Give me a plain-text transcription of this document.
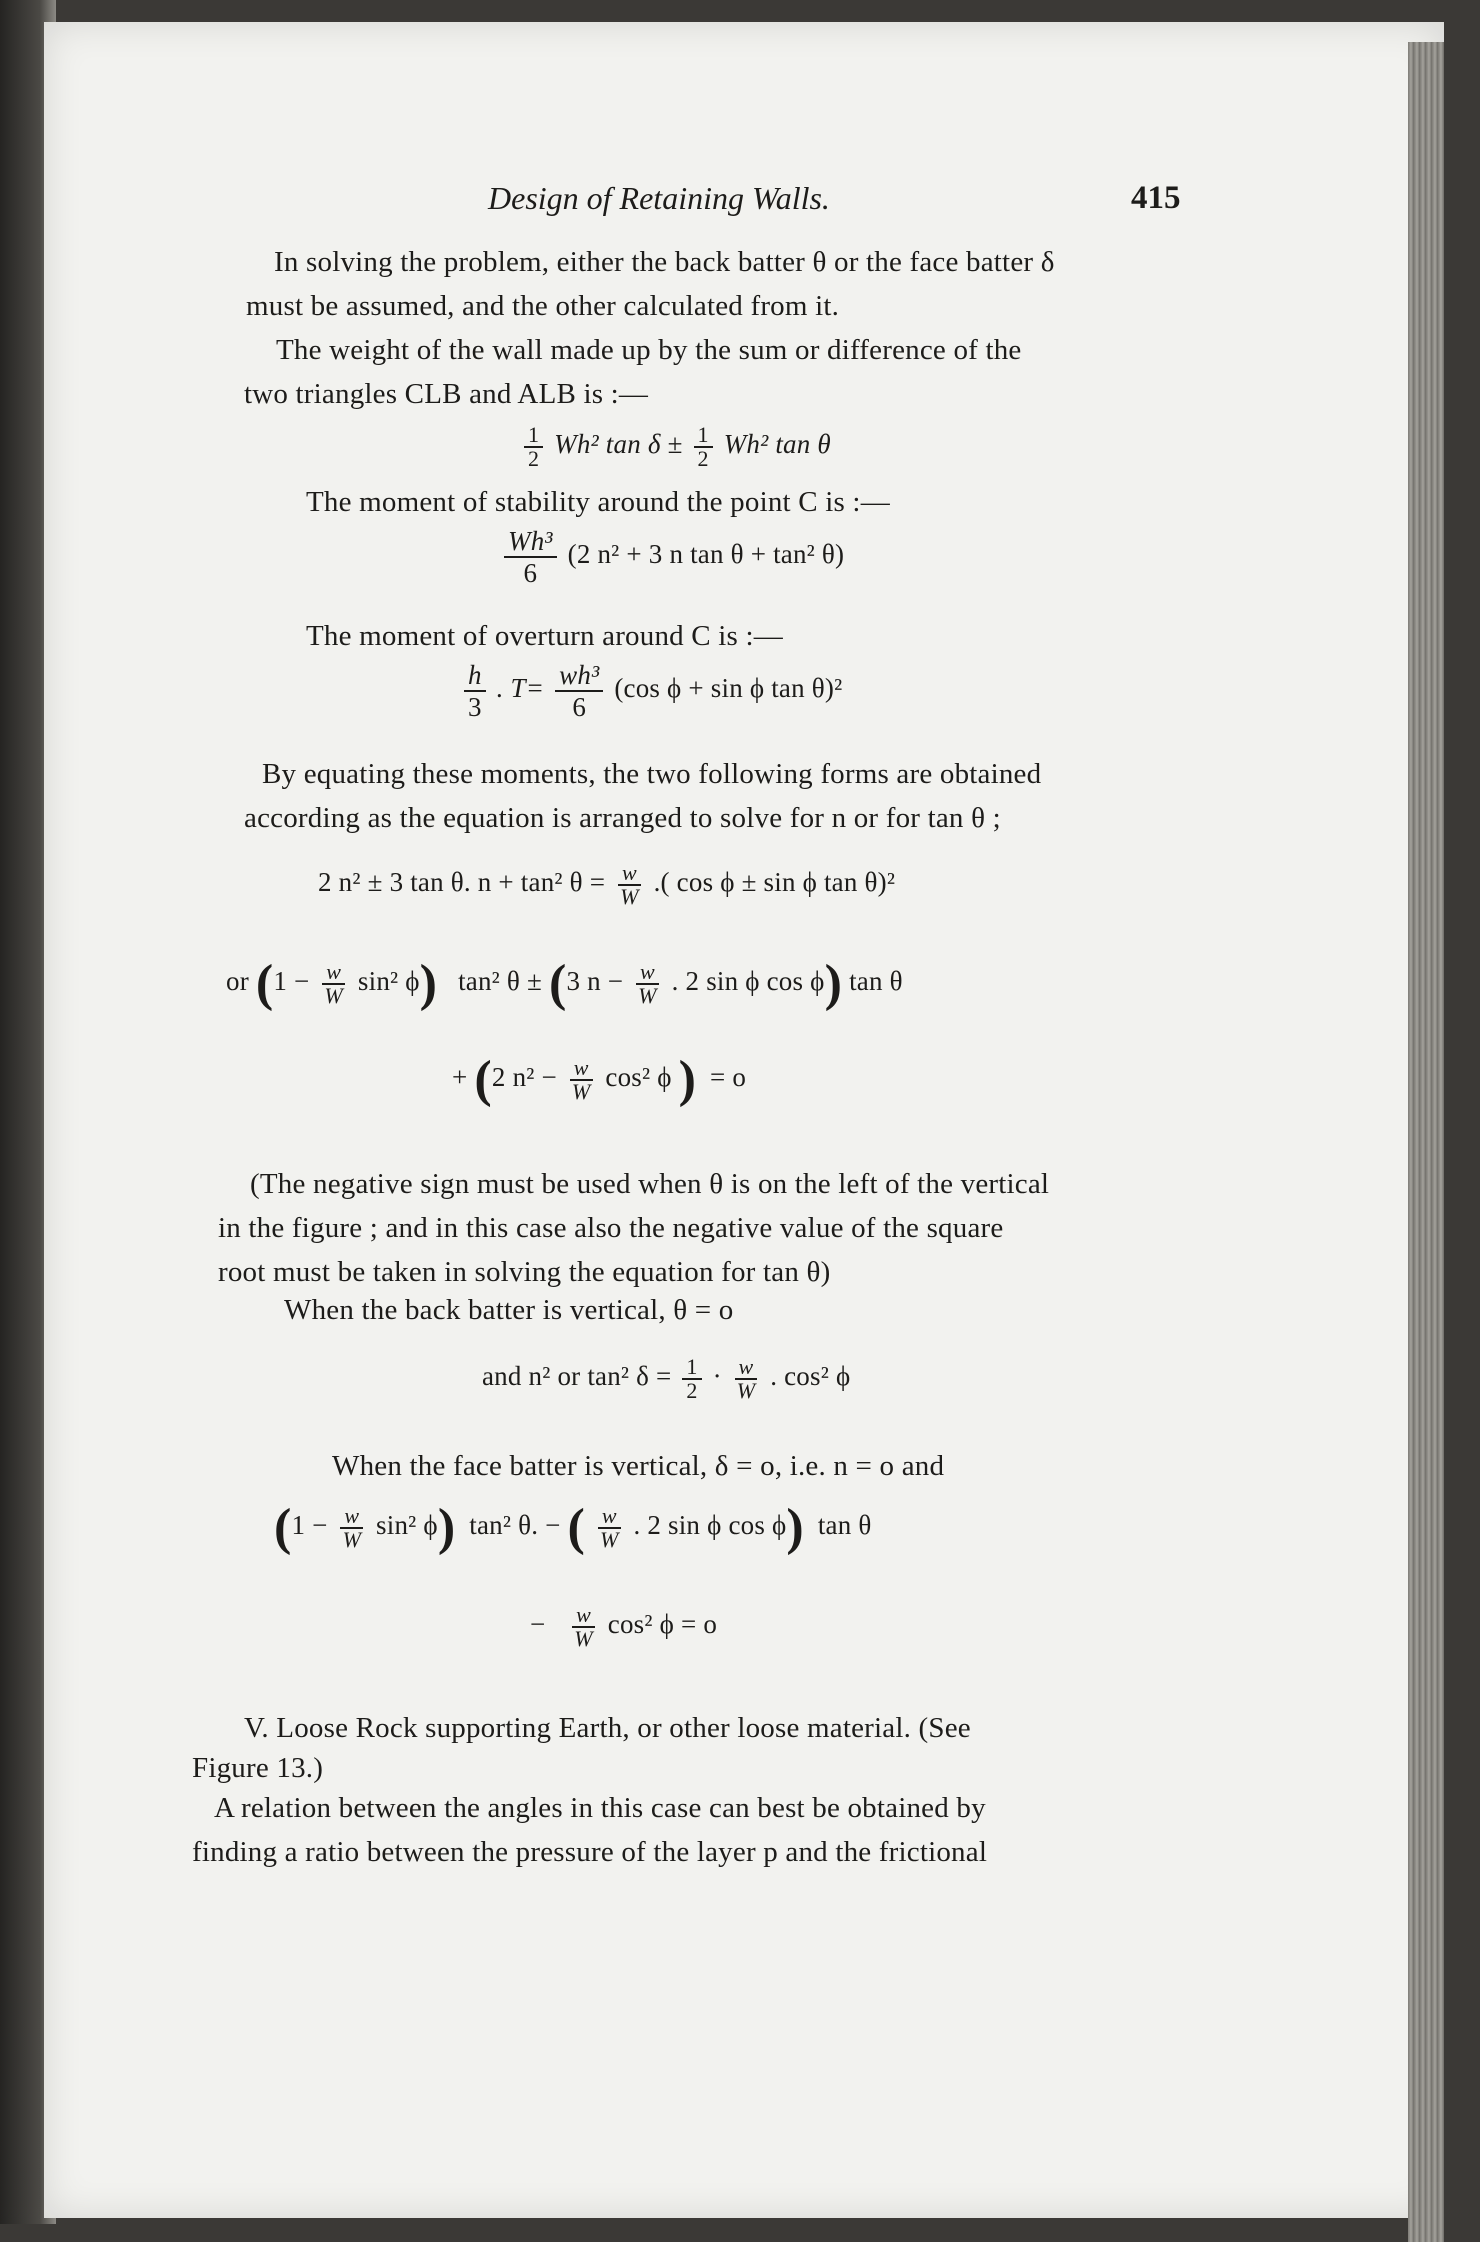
Design of Retaining Walls.	415
In solving the problem, either the back batter θ or the face batter δ
must be assumed, and the other calculated from it.
The weight of the wall made up by the sum or difference of the
two triangles CLB and ALB is :—
$\frac{1}{2} Wh^2$ $\tan \delta \pm \frac{1}{2} Wh^2$ tan θ
The moment of stability around the point C is :—
$\frac{\text{Wh³}}{6} (2$ n² + 3 n tan θ + tan² θ)
The moment of overturn around C is :—
$\frac{h}{3}$ . $T= \frac{\text{wh³}}{6} (\cos$ ϕ + sin ϕ tan θ)²
By equating these moments, the two following forms are obtained
according as the equation is arranged to solve for n or for tan θ ;
2 n² ± 3 tan θ. n + tan² $\theta = \frac{w}{W}$ .( cos ϕ ± sin ϕ tan θ)²
or ($1 - \frac{w}{W} \sin^2$ ϕ) tan² θ ± (3 $n - \frac{w}{W}$ . 2 sin ϕ cos ϕ) tan θ
+ (2 $n^2 - \frac{w}{W} \cos^2$ ϕ ) = o
(The negative sign must be used when θ is on the left of the vertical
in the figure ; and in this case also the negative value of the square
root must be taken in solving the equation for tan θ)
When the back batter is vertical, θ = o
and n² or tan² $\delta = \frac{1}{2} \cdot \frac{w}{W}$ . cos² ϕ
When the face batter is vertical, δ = o, i.e. n = o and
($1 - \frac{w}{W} \sin^2$ ϕ) tan² θ. − ( $\frac{w}{W}$ . 2 sin ϕ cos ϕ) tan θ
− $\frac{w}{W} \cos^2$ ϕ = o
V. Loose Rock supporting Earth, or other loose material. (See
Figure 13.)
A relation between the angles in this case can best be obtained by
finding a ratio between the pressure of the layer p and the frictional
